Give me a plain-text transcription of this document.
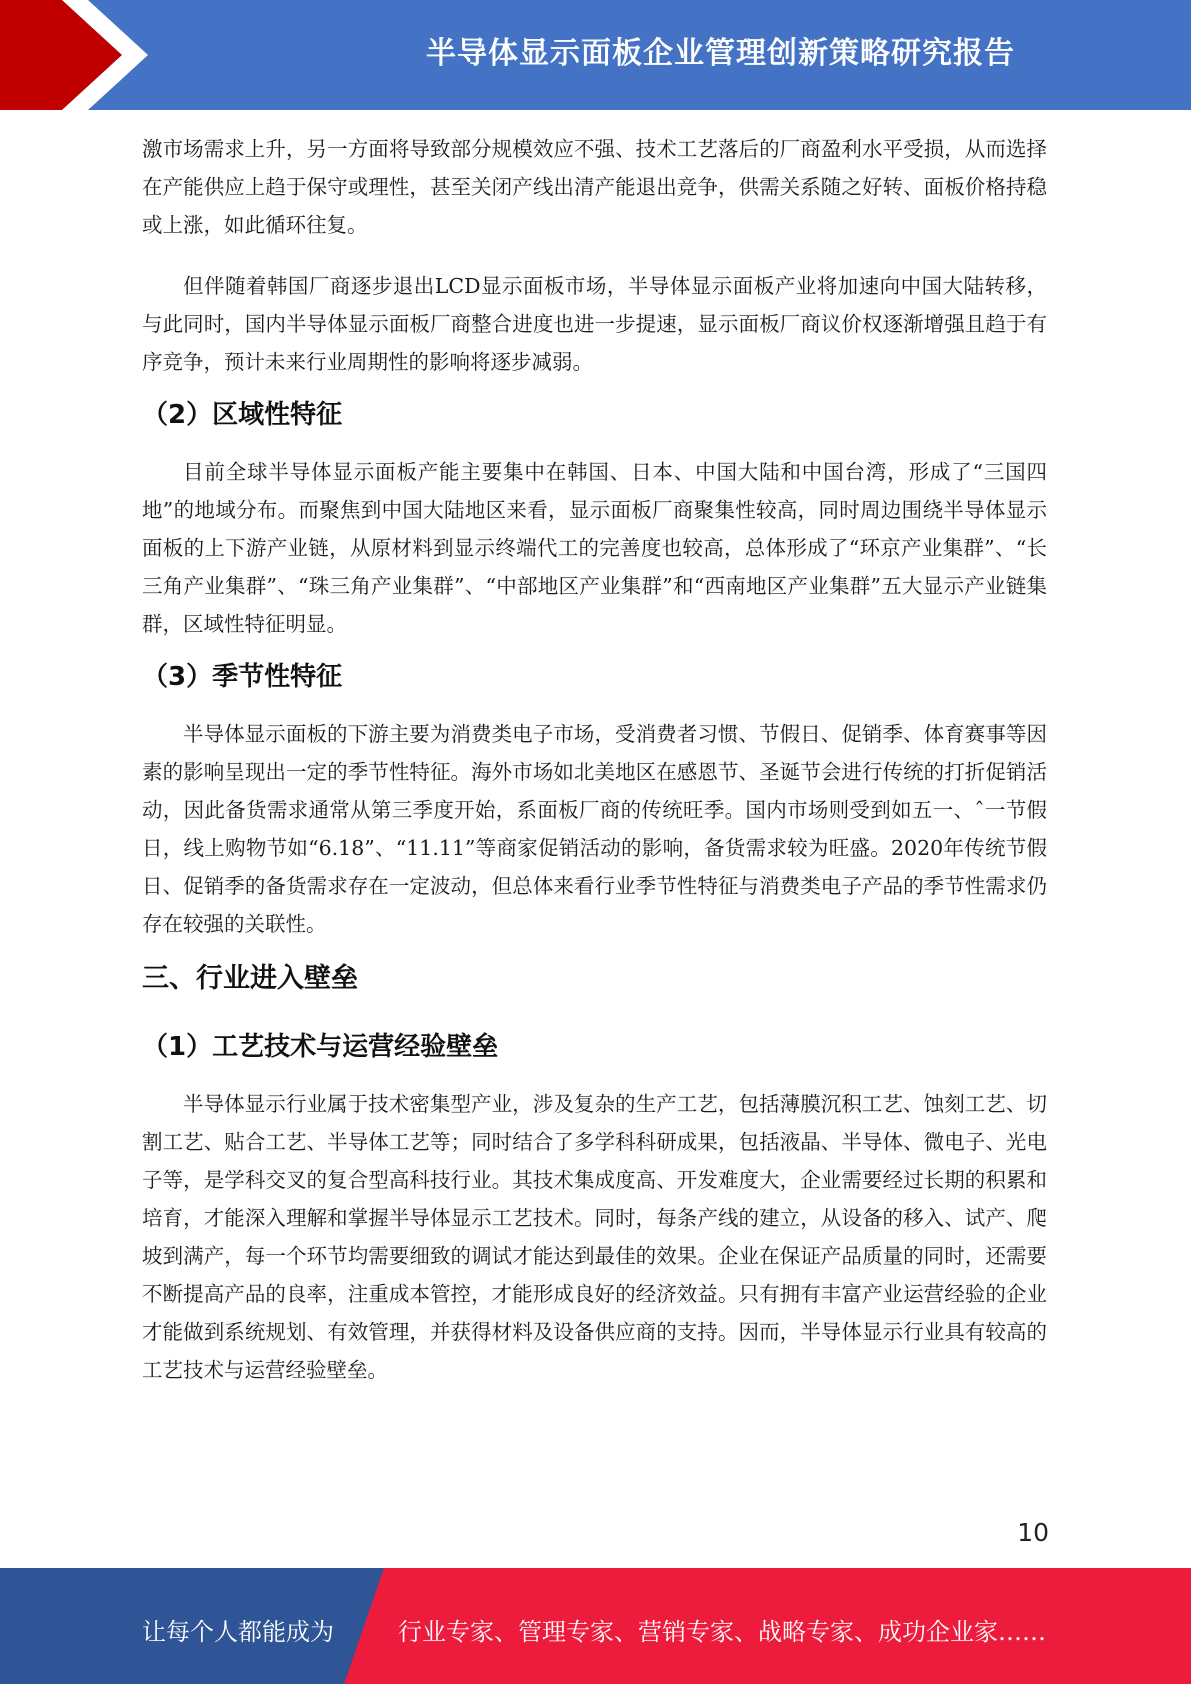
半导体显示面板企业管理创新策略研究报告

激市场需求上升，另一方面将导致部分规模效应不强、技术工艺落后的厂商盈利水平受损，从而选择在产能供应上趋于保守或理性，甚至关闭产线出清产能退出竞争，供需关系随之好转、面板价格持稳或上涨，如此循环往复。

但伴随着韩国厂商逐步退出LCD显示面板市场，半导体显示面板产业将加速向中国大陆转移，与此同时，国内半导体显示面板厂商整合进度也进一步提速，显示面板厂商议价权逐渐增强且趋于有序竞争，预计未来行业周期性的影响将逐步减弱。

（2）区域性特征

目前全球半导体显示面板产能主要集中在韩国、日本、中国大陆和中国台湾，形成了“三国四地”的地域分布。而聚焦到中国大陆地区来看，显示面板厂商聚集性较高，同时周边围绕半导体显示面板的上下游产业链，从原材料到显示终端代工的完善度也较高，总体形成了“环京产业集群”、“长三角产业集群”、“珠三角产业集群”、“中部地区产业集群”和“西南地区产业集群”五大显示产业链集群，区域性特征明显。

（3）季节性特征

半导体显示面板的下游主要为消费类电子市场，受消费者习惯、节假日、促销季、体育赛事等因素的影响呈现出一定的季节性特征。海外市场如北美地区在感恩节、圣诞节会进行传统的打折促销活动，因此备货需求通常从第三季度开始，系面板厂商的传统旺季。国内市场则受到如五一、ˆ一节假日，线上购物节如“6.18”、“11.11”等商家促销活动的影响，备货需求较为旺盛。2020年传统节假日、促销季的备货需求存在一定波动，但总体来看行业季节性特征与消费类电子产品的季节性需求仍存在较强的关联性。

三、行业进入壁垒
（1）工艺技术与运营经验壁垒

半导体显示行业属于技术密集型产业，涉及复杂的生产工艺，包括薄膜沉积工艺、蚀刻工艺、切割工艺、贴合工艺、半导体工艺等；同时结合了多学科科研成果，包括液晶、半导体、微电子、光电子等，是学科交叉的复合型高科技行业。其技术集成度高、开发难度大，企业需要经过长期的积累和培育，才能深入理解和掌握半导体显示工艺技术。同时，每条产线的建立，从设备的移入、试产、爬坡到满产，每一个环节均需要细致的调试才能达到最佳的效果。企业在保证产品质量的同时，还需要不断提高产品的良率，注重成本管控，才能形成良好的经济效益。只有拥有丰富产业运营经验的企业才能做到系统规划、有效管理，并获得材料及设备供应商的支持。因而，半导体显示行业具有较高的工艺技术与运营经验壁垒。

10
让每个人都能成为	行业专家、管理专家、营销专家、战略专家、成功企业家……
